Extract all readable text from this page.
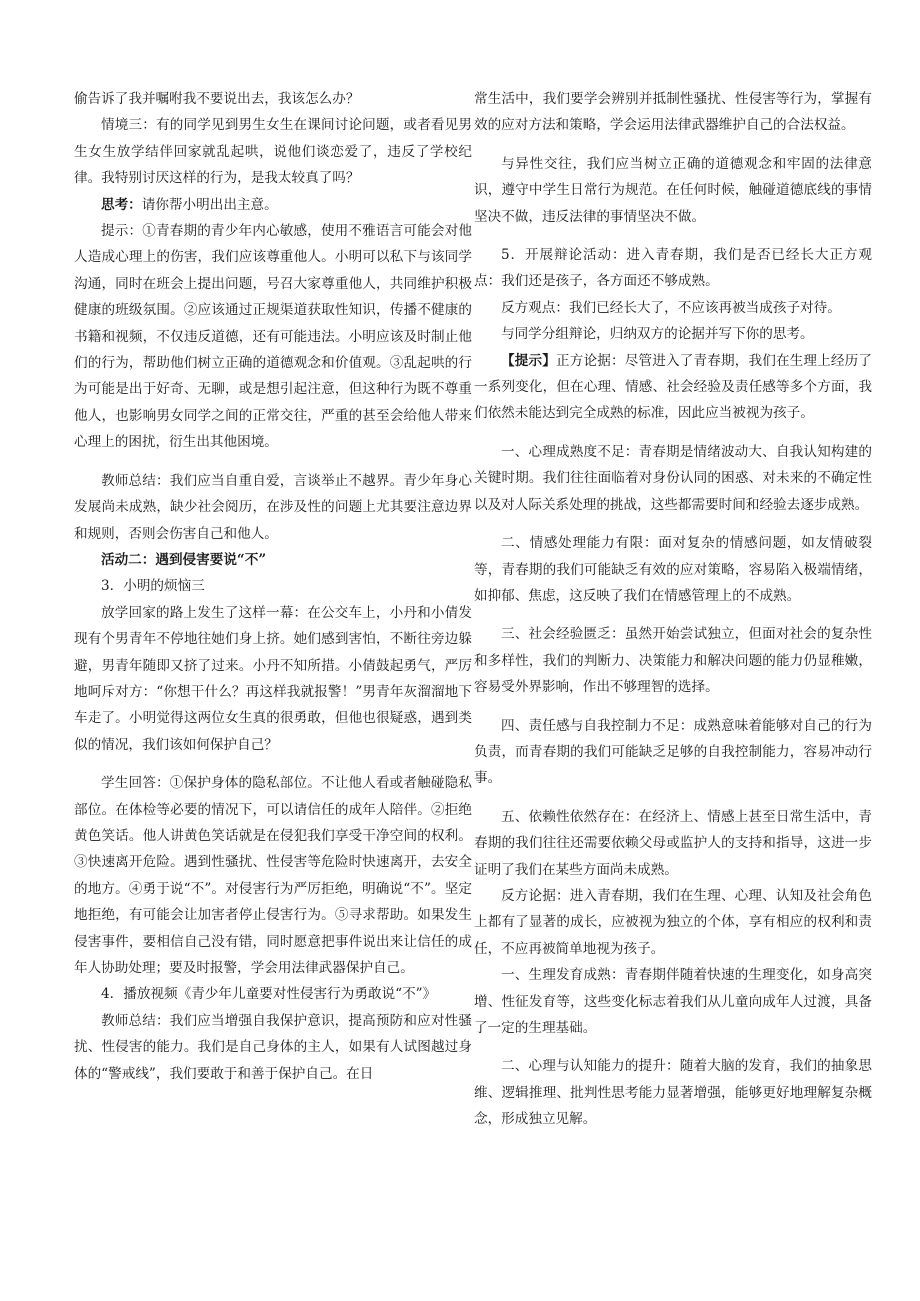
偷告诉了我并嘱咐我不要说出去，我该怎么办？

情境三：有的同学见到男生女生在课间讨论问题，或者看见男生女生放学结伴回家就乱起哄，说他们谈恋爱了，违反了学校纪律。我特别讨厌这样的行为，是我太较真了吗？

思考：请你帮小明出出主意。

提示：①青春期的青少年内心敏感，使用不雅语言可能会对他人造成心理上的伤害，我们应该尊重他人。小明可以私下与该同学沟通，同时在班会上提出问题，号召大家尊重他人，共同维护积极健康的班级氛围。②应该通过正规渠道获取性知识，传播不健康的书籍和视频，不仅违反道德，还有可能违法。小明应该及时制止他们的行为，帮助他们树立正确的道德观念和价值观。③乱起哄的行为可能是出于好奇、无聊，或是想引起注意，但这种行为既不尊重他人，也影响男女同学之间的正常交往，严重的甚至会给他人带来心理上的困扰，衍生出其他困境。

教师总结：我们应当自重自爱，言谈举止不越界。青少年身心发展尚未成熟，缺少社会阅历，在涉及性的问题上尤其要注意边界和规则，否则会伤害自己和他人。

活动二：遇到侵害要说“不”

3．小明的烦恼三

放学回家的路上发生了这样一幕：在公交车上，小丹和小倩发现有个男青年不停地往她们身上挤。她们感到害怕，不断往旁边躲避，男青年随即又挤了过来。小丹不知所措。小倩鼓起勇气，严厉地呵斥对方：“你想干什么？再这样我就报警！”男青年灰溜溜地下车走了。小明觉得这两位女生真的很勇敢，但他也很疑惑，遇到类似的情况，我们该如何保护自己？

学生回答：①保护身体的隐私部位。不让他人看或者触碰隐私部位。在体检等必要的情况下，可以请信任的成年人陪伴。②拒绝黄色笑话。他人讲黄色笑话就是在侵犯我们享受干净空间的权利。③快速离开危险。遇到性骚扰、性侵害等危险时快速离开，去安全的地方。④勇于说“不”。对侵害行为严厉拒绝，明确说“不”。坚定地拒绝，有可能会让加害者停止侵害行为。⑤寻求帮助。如果发生侵害事件，要相信自己没有错，同时愿意把事件说出来让信任的成年人协助处理；要及时报警，学会用法律武器保护自己。

4．播放视频《青少年儿童要对性侵害行为勇敢说“不”》

教师总结：我们应当增强自我保护意识，提高预防和应对性骚扰、性侵害的能力。我们是自己身体的主人，如果有人试图越过身体的“警戒线”，我们要敢于和善于保护自己。在日

常生活中，我们要学会辨别并抵制性骚扰、性侵害等行为，掌握有效的应对方法和策略，学会运用法律武器维护自己的合法权益。

与异性交往，我们应当树立正确的道德观念和牢固的法律意识，遵守中学生日常行为规范。在任何时候，触碰道德底线的事情坚决不做，违反法律的事情坚决不做。

5．开展辩论活动：进入青春期，我们是否已经长大正方观点：我们还是孩子，各方面还不够成熟。

反方观点：我们已经长大了，不应该再被当成孩子对待。

与同学分组辩论，归纳双方的论据并写下你的思考。

【提示】正方论据：尽管进入了青春期，我们在生理上经历了一系列变化，但在心理、情感、社会经验及责任感等多个方面，我们依然未能达到完全成熟的标准，因此应当被视为孩子。

一、心理成熟度不足：青春期是情绪波动大、自我认知构建的关键时期。我们往往面临着对身份认同的困惑、对未来的不确定性以及对人际关系处理的挑战，这些都需要时间和经验去逐步成熟。

二、情感处理能力有限：面对复杂的情感问题，如友情破裂等，青春期的我们可能缺乏有效的应对策略，容易陷入极端情绪，如抑郁、焦虑，这反映了我们在情感管理上的不成熟。

三、社会经验匮乏：虽然开始尝试独立，但面对社会的复杂性和多样性，我们的判断力、决策能力和解决问题的能力仍显稚嫩，容易受外界影响，作出不够理智的选择。

四、责任感与自我控制力不足：成熟意味着能够对自己的行为负责，而青春期的我们可能缺乏足够的自我控制能力，容易冲动行事。

五、依赖性依然存在：在经济上、情感上甚至日常生活中，青春期的我们往往还需要依赖父母或监护人的支持和指导，这进一步证明了我们在某些方面尚未成熟。

反方论据：进入青春期，我们在生理、心理、认知及社会角色上都有了显著的成长，应被视为独立的个体，享有相应的权利和责任，不应再被简单地视为孩子。

一、生理发育成熟：青春期伴随着快速的生理变化，如身高突增、性征发育等，这些变化标志着我们从儿童向成年人过渡，具备了一定的生理基础。

二、心理与认知能力的提升：随着大脑的发育，我们的抽象思维、逻辑推理、批判性思考能力显著增强，能够更好地理解复杂概念，形成独立见解。
